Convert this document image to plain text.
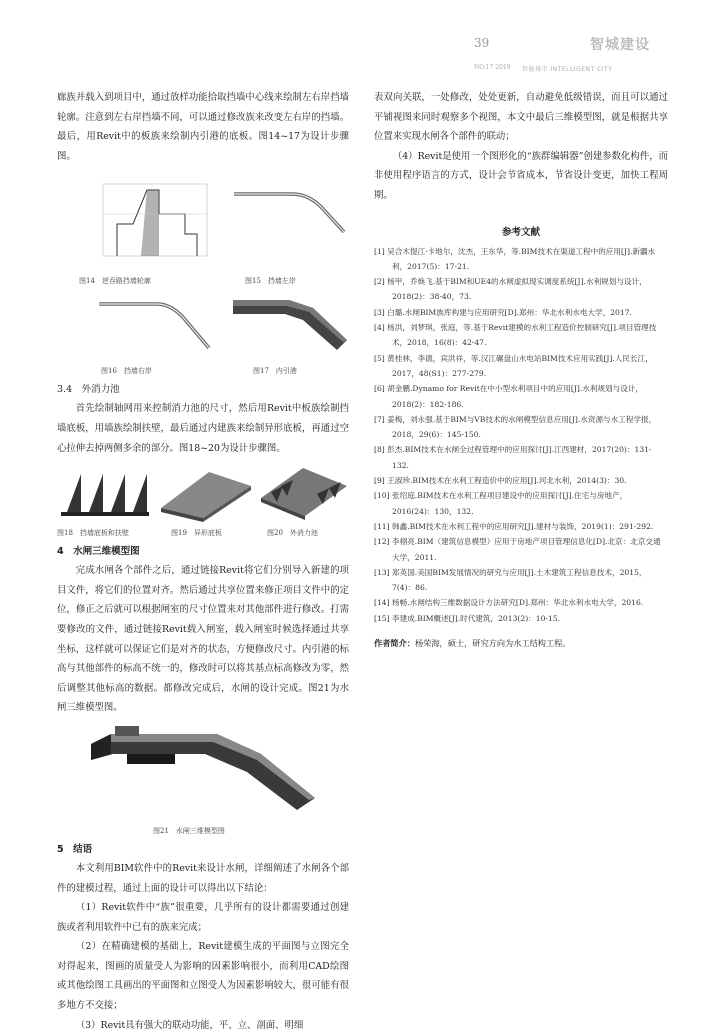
39	智城建设
NO.17 2019 智能城市 INTELLIGENT CITY

廊族并载入到项目中，通过放样功能拾取挡墙中心线来绘制左右岸挡墙轮廓。注意到左右岸挡墙不同，可以通过修改族来改变左右岸的挡墙。最后，用Revit中的板族来绘制内引港的底板。图14~17为设计步骤图。

图14　逆吞路挡墙轮廓	图15　挡墙左岸
图16　挡墙右岸	图17　内引港

3.4　外消力池

首先绘制轴网用来控制消力池的尺寸，然后用Revit中板族绘制挡墙底板，用墙族绘制扶壁，最后通过内建族来绘制异形底板，再通过空心拉伸去掉两侧多余的部分。图18~20为设计步骤图。

图18　挡墙底板和扶壁	图19　异形底板	图20　外消力池

4　水闸三维模型图

完成水闸各个部件之后，通过链接Revit将它们分别导入新建的项目文件，将它们的位置对齐。然后通过共享位置来修正项目文件中的定位，修正之后就可以根据闸室的尺寸位置来对其他部件进行修改。打需要修改的文件，通过链接Revit载入闸室，载入闸室时候选择通过共享坐标，这样就可以保证它们是对齐的状态，方便修改尺寸。内引港的标高与其他部件的标高不统一的，修改时可以将其基点标高修改为零，然后调整其他标高的数据。都修改完成后，水闸的设计完成。图21为水闸三维模型图。

图21　水闸三维模型图

5　结语

本文利用BIM软件中的Revit来设计水闸，详细阐述了水闸各个部件的建模过程，通过上面的设计可以得出以下结论：

（1）Revit软件中“族”很重要，几乎所有的设计都需要通过创建族或者利用软件中已有的族来完成；

（2）在精确建模的基础上，Revit建模生成的平面图与立图完全对得起来，图画的质量受人为影响的因素影响很小，而利用CAD绘图或其他绘图工具画出的平面图和立图受人为因素影响较大，很可能有很多地方不交接；

（3）Revit具有强大的联动功能，平、立、剖面、明细

表双向关联，一处修改，处处更新，自动避免低级错误，而且可以通过平铺视图来同时观察多个视图，本文中最后三维模型图，就是根据共享位置来实现水闸各个部件的联动；

（4）Revit是使用一个图形化的“族群编辑器”创建参数化构件，而非使用程序语言的方式，设计会节省成本，节省设计变更，加快工程周期。

参考文献

[1] 吴合木提江·卡地尔，沈杰，王东华，等.BIM技术在渠道工程中的应用[J].新疆水利，2017(5)：17-21.

[2] 杨甲，乔焕飞.基于BIM和UE4的水闸虚拟现实调度系统[J].水利规划与设计，2018(2)：38-40，73.

[3] 白璐.水闸BIM族库构建与应用研究[D].郑州：华北水利水电大学，2017.

[4] 杨洪，刘梦琪，张庭，等.基于Revit建模的水利工程造价控制研究[J].项目管理技术，2018，16(8)：42-47.

[5] 黄桂林，李德，宾洪祥，等.汉江碾盘山水电站BIM技术应用实践[J].人民长江，2017，48(S1)：277-279.

[6] 胡金鹏.Dynamo for Revit在中小型水利项目中的应用[J].水利规划与设计，2018(2)：182-186.

[7] 姜梅，刘永强.基于BIM与VB技术的水闸模型信息应用[J].水资源与水工程学报，2018，29(6)：145-150.

[8] 彭杰.BIM技术在水闸全过程管理中的应用探讨[J].江西建材，2017(20)：131-132.

[9] 王淑珍.BIM技术在水利工程造价中的应用[J].河北水利，2014(3)：30.

[10] 张绍庭.BIM技术在水利工程项目建设中的应用探讨[J].住宅与房地产，2016(24)：130，132.

[11] 韩鑫.BIM技术在水利工程中的应用研究[J].建材与装饰，2019(1)：291-292.

[12] 李栩亮.BIM（建筑信息模型）应用于房地产项目管理信息化[D].北京：北京交通大学，2011.

[13] 郑英国.美国BIM发展情况的研究与应用[J].土木建筑工程信息技术，2015，7(4)：86.

[14] 杨畅.水闸结构三维数据设计方法研究[D].郑州：华北水利水电大学，2016.

[15] 李建成.BIM概述[J].时代建筑，2013(2)：10-15.

作者简介：杨荣海，硕士，研究方向为水工结构工程。
